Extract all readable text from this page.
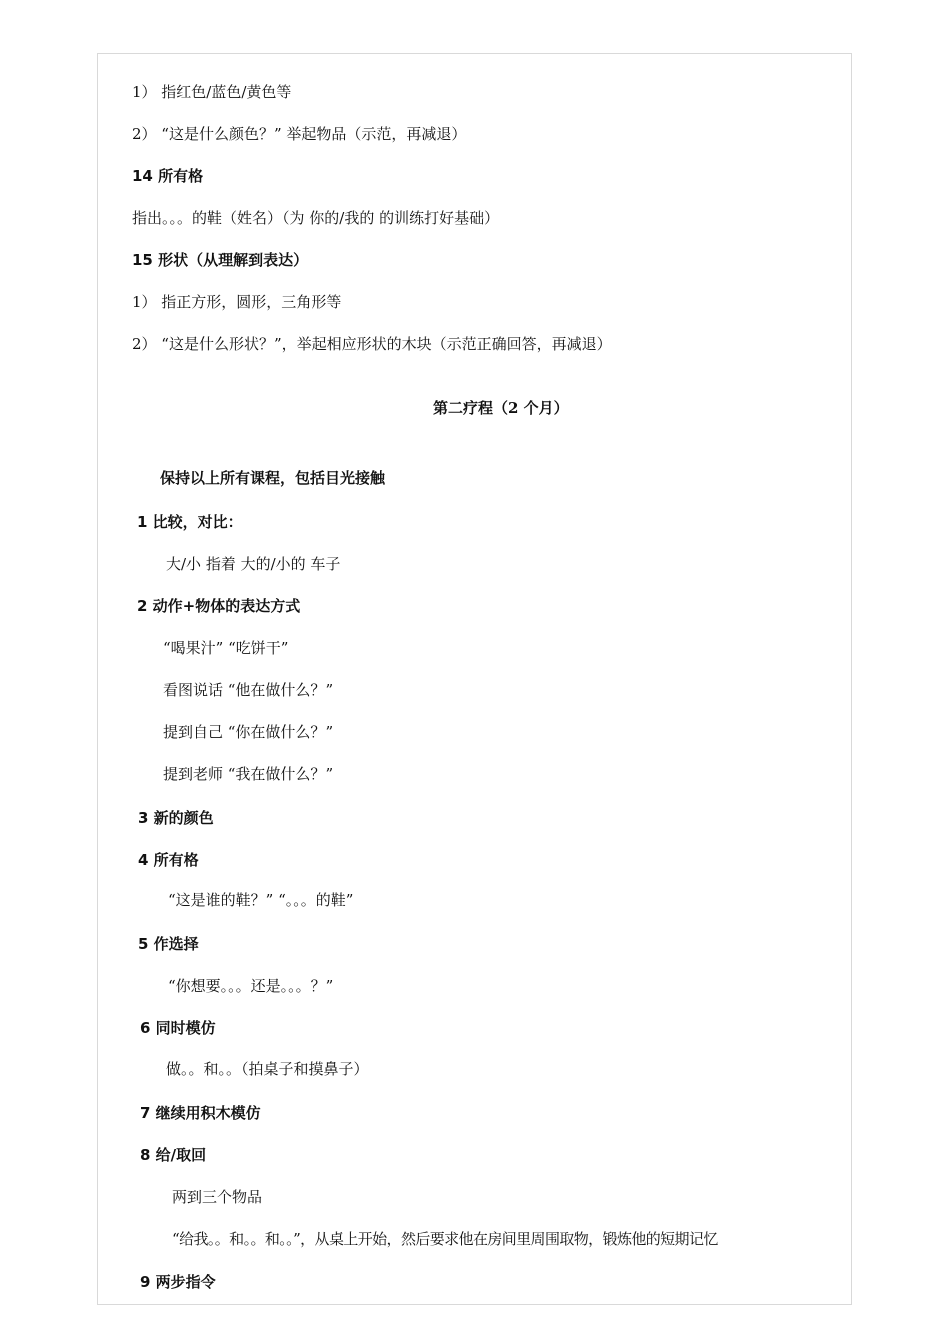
1） 指红色/蓝色/黄色等
2） “这是什么颜色？” 举起物品（示范，再减退）
14 所有格
指出。。。的鞋（姓名）（为 你的/我的 的训练打好基础）
15 形状（从理解到表达）
1） 指正方形，圆形，三角形等
2） “这是什么形状？”，举起相应形状的木块（示范正确回答，再减退）
第二疗程（2 个月）
保持以上所有课程，包括目光接触
1 比较，对比：
大/小 指着 大的/小的 车子
2 动作+物体的表达方式
“喝果汁” “吃饼干”
看图说话 “他在做什么？”
提到自己 “你在做什么？”
提到老师 “我在做什么？”
3 新的颜色
4 所有格
“这是谁的鞋？” “。。。的鞋”
5 作选择
“你想要。。。还是。。。？”
6 同时模仿
做。。和。。（拍桌子和摸鼻子）
7 继续用积木模仿
8 给/取回
两到三个物品
“给我。。和。。和。。”，从桌上开始，然后要求他在房间里周围取物，锻炼他的短期记忆
9 两步指令
